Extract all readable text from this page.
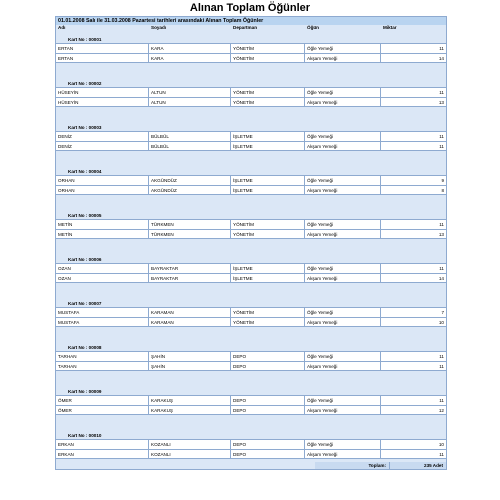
Alınan Toplam Öğünler
01.01.2008 Salı ile 31.03.2008 Pazartesi tarihleri arasındaki Alınan Toplam Öğünler
Adı	Soyadı	Departman	Öğün	Miktar
Kart No : 00001
ERTAN	KARA	YÖNETİM	Öğle Yemeği	11
ERTAN	KARA	YÖNETİM	Akşam Yemeği	14
Kart No : 00002
HÜSEYİN	ALTUN	YÖNETİM	Öğle Yemeği	11
HÜSEYİN	ALTUN	YÖNETİM	Akşam Yemeği	13
Kart No : 00003
DENİZ	BÜLBÜL	İŞLETME	Öğle Yemeği	11
DENİZ	BÜLBÜL	İŞLETME	Akşam Yemeği	11
Kart No : 00004
ORHAN	AKGÜNDÜZ	İŞLETME	Öğle Yemeği	9
ORHAN	AKGÜNDÜZ	İŞLETME	Akşam Yemeği	8
Kart No : 00005
METİN	TÜRKMEN	YÖNETİM	Öğle Yemeği	11
METİN	TÜRKMEN	YÖNETİM	Akşam Yemeği	13
Kart No : 00006
OZAN	BAYRAKTAR	İŞLETME	Öğle Yemeği	11
OZAN	BAYRAKTAR	İŞLETME	Akşam Yemeği	14
Kart No : 00007
MUSTAFA	KARAMAN	YÖNETİM	Öğle Yemeği	7
MUSTAFA	KARAMAN	YÖNETİM	Akşam Yemeği	10
Kart No : 00008
TARHAN	ŞAHİN	DEPO	Öğle Yemeği	11
TARHAN	ŞAHİN	DEPO	Akşam Yemeği	11
Kart No : 00009
ÖMER	KARAKUŞ	DEPO	Öğle Yemeği	11
ÖMER	KARAKUŞ	DEPO	Akşam Yemeği	12
Kart No : 00010
ERKAN	KOZANLI	DEPO	Öğle Yemeği	10
ERKAN	KOZANLI	DEPO	Akşam Yemeği	11
Toplam:	235 Adet
